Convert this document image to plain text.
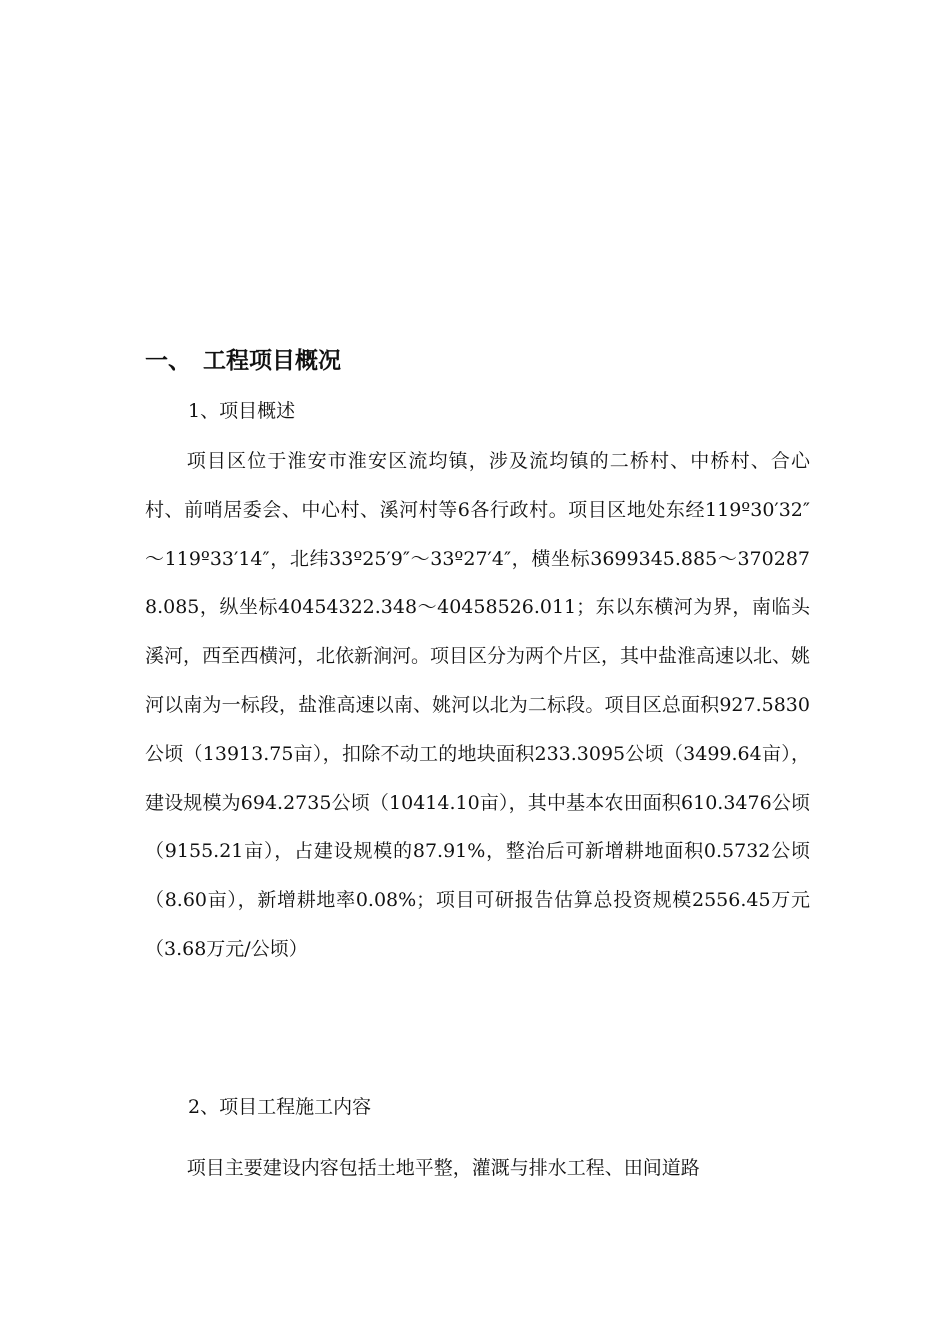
一、 工程项目概况

1、项目概述

项目区位于淮安市淮安区流均镇，涉及流均镇的二桥村、中桥村、合心村、前哨居委会、中心村、溪河村等6各行政村。项目区地处东经119º30′32″～119º33′14″，北纬33º25′9″～33º27′4″，横坐标3699345.885～3702878.085，纵坐标40454322.348～40458526.011；东以东横河为界，南临头溪河，西至西横河，北依新涧河。项目区分为两个片区，其中盐淮高速以北、姚河以南为一标段，盐淮高速以南、姚河以北为二标段。项目区总面积927.5830公顷（13913.75亩），扣除不动工的地块面积233.3095公顷（3499.64亩），建设规模为694.2735公顷（10414.10亩），其中基本农田面积610.3476公顷（9155.21亩），占建设规模的87.91%，整治后可新增耕地面积0.5732公顷（8.60亩），新增耕地率0.08%；项目可研报告估算总投资规模2556.45万元（3.68万元/公顷）

2、项目工程施工内容

项目主要建设内容包括土地平整，灌溉与排水工程、田间道路
